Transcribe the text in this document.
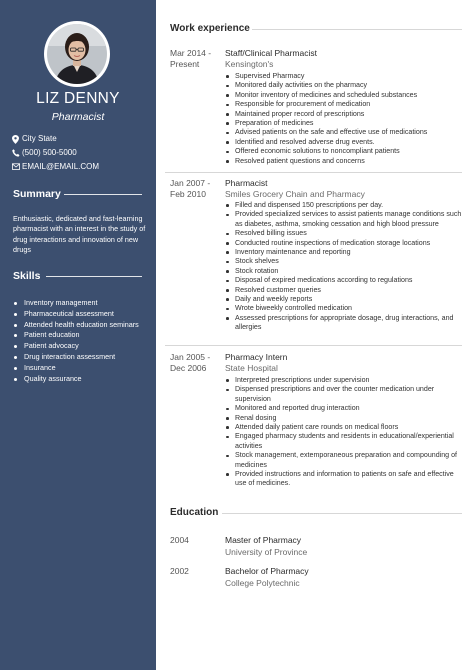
LIZ DENNY
Pharmacist
City State
(500) 500-5000
EMAIL@EMAIL.COM
Summary
Enthusiastic, dedicated and fast-learning pharmacist with an interest in the study of drug interactions and innovation of new drugs
Skills
Inventory management
Pharmaceutical assessment
Attended health education seminars
Patient education
Patient advocacy
Drug interaction assessment
Insurance
Quality assurance
Work experience
Mar 2014 - Present
Staff/Clinical Pharmacist
Kensington's
Supervised Pharmacy
Monitored daily activities on the pharmacy
Monitor inventory of medicines and scheduled substances
Responsible for procurement of medication
Maintained proper record of prescriptions
Preparation of medicines
Advised patients on the safe and effective use of medications
Identified and resolved adverse drug events.
Offered economic solutions to noncompliant patients
Resolved patient questions and concerns
Jan 2007 - Feb 2010
Pharmacist
Smiles Grocery Chain and Pharmacy
Filled and dispensed 150 prescriptions per day.
Provided specialized services to assist patients manage conditions such as diabetes, asthma, smoking cessation and high blood pressure
Resolved billing issues
Conducted routine inspections of medication storage locations
Inventory maintenance and reporting
Stock shelves
Stock rotation
Disposal of expired medications according to regulations
Resolved customer queries
Daily and weekly reports
Wrote biweekly controlled medication
Assessed prescriptions for appropriate dosage, drug interactions, and allergies
Jan 2005 - Dec 2006
Pharmacy Intern
State Hospital
Interpreted prescriptions under supervision
Dispensed prescriptions and over the counter medication under supervision
Monitored and reported drug interaction
Renal dosing
Attended daily patient care rounds on medical floors
Engaged pharmacy students and residents in educational/experiential activities
Stock management, extemporaneous preparation and compounding of medicines
Provided instructions and information to patients on safe and effective use of medicines.
Education
2004	Master of Pharmacy
University of Province
2002	Bachelor of Pharmacy
College Polytechnic
